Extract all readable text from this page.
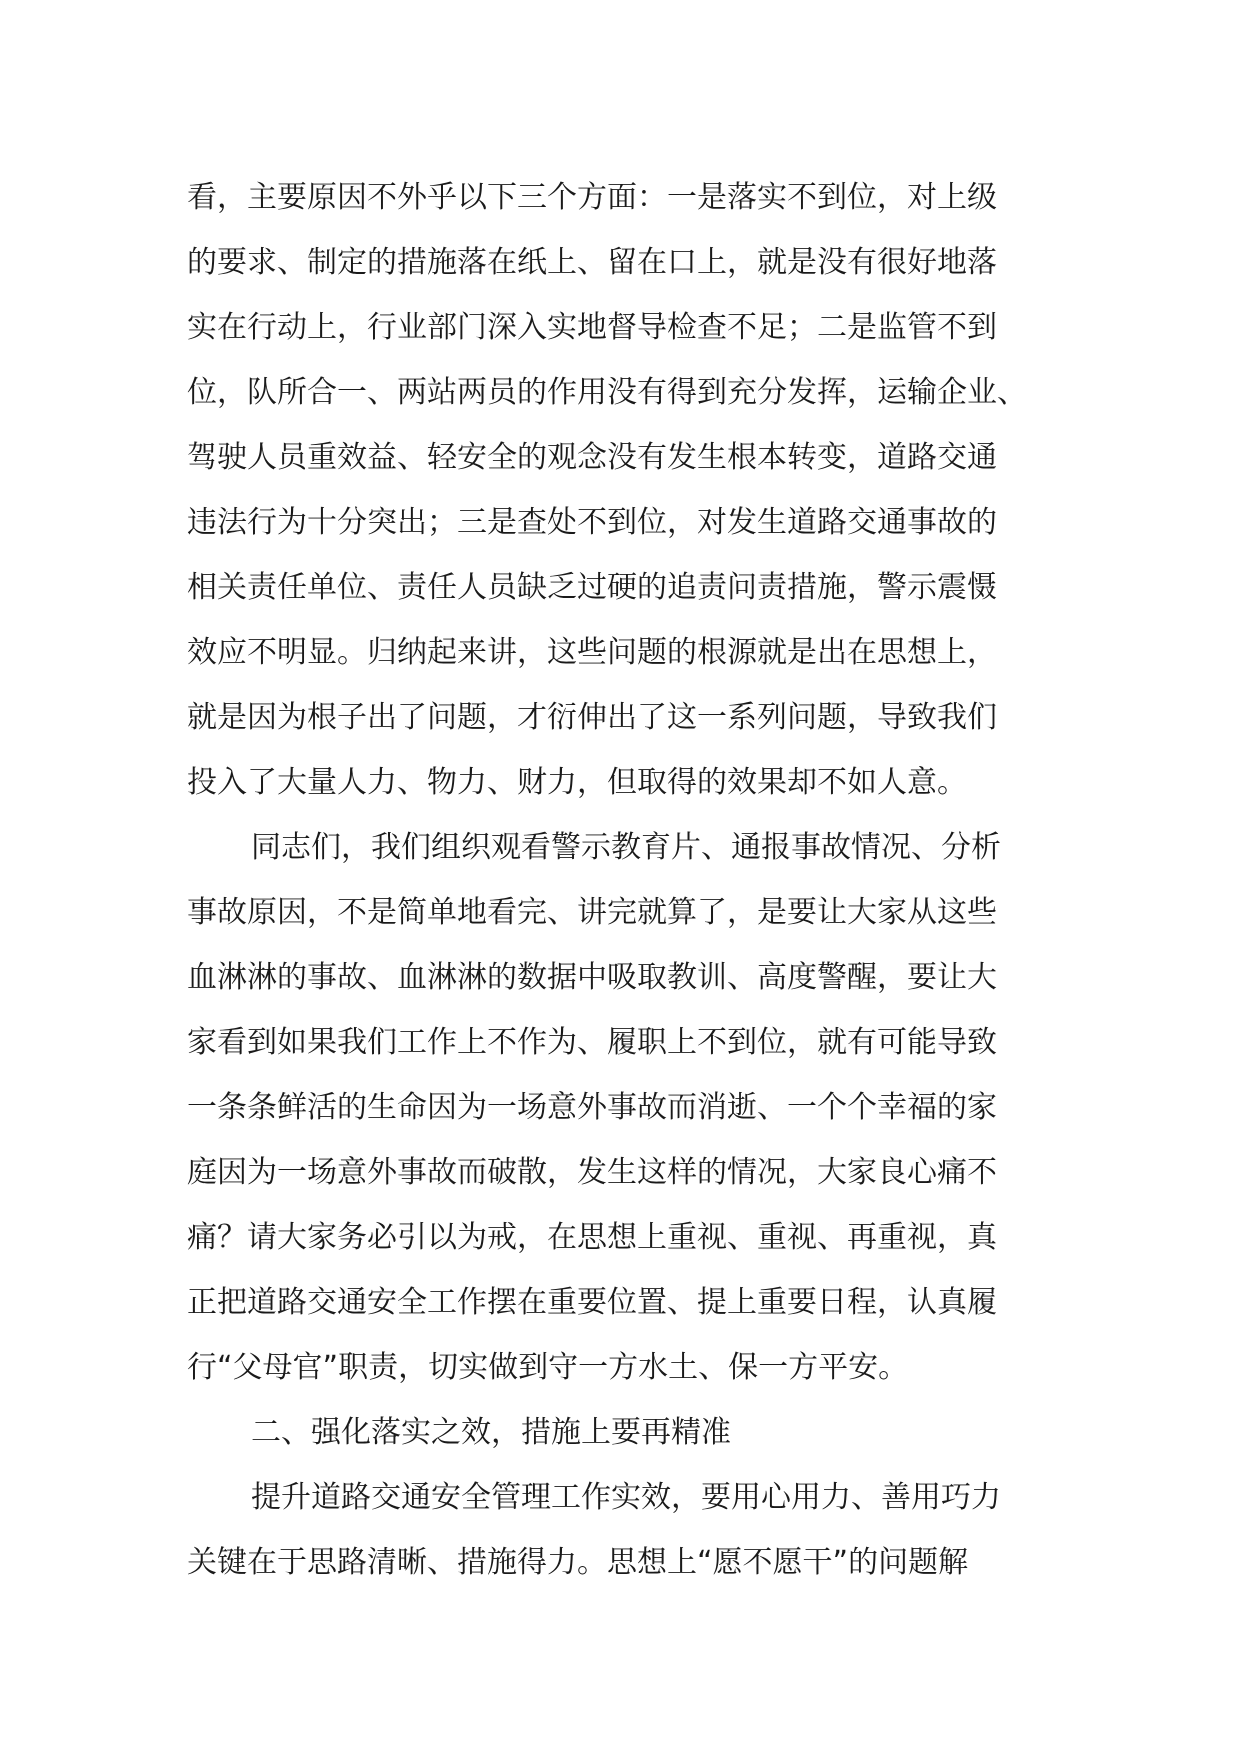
看，主要原因不外乎以下三个方面：一是落实不到位，对上级
的要求、制定的措施落在纸上、留在口上，就是没有很好地落
实在行动上，行业部门深入实地督导检查不足；二是监管不到
位，队所合一、两站两员的作用没有得到充分发挥，运输企业、
驾驶人员重效益、轻安全的观念没有发生根本转变，道路交通
违法行为十分突出；三是查处不到位，对发生道路交通事故的
相关责任单位、责任人员缺乏过硬的追责问责措施，警示震慑
效应不明显。归纳起来讲，这些问题的根源就是出在思想上，
就是因为根子出了问题，才衍伸出了这一系列问题，导致我们
投入了大量人力、物力、财力，但取得的效果却不如人意。
同志们，我们组织观看警示教育片、通报事故情况、分析
事故原因，不是简单地看完、讲完就算了，是要让大家从这些
血淋淋的事故、血淋淋的数据中吸取教训、高度警醒，要让大
家看到如果我们工作上不作为、履职上不到位，就有可能导致
一条条鲜活的生命因为一场意外事故而消逝、一个个幸福的家
庭因为一场意外事故而破散，发生这样的情况，大家良心痛不
痛？请大家务必引以为戒，在思想上重视、重视、再重视，真
正把道路交通安全工作摆在重要位置、提上重要日程，认真履
行“父母官”职责，切实做到守一方水土、保一方平安。
二、强化落实之效，措施上要再精准
提升道路交通安全管理工作实效，要用心用力、善用巧力
关键在于思路清晰、措施得力。思想上“愿不愿干”的问题解
